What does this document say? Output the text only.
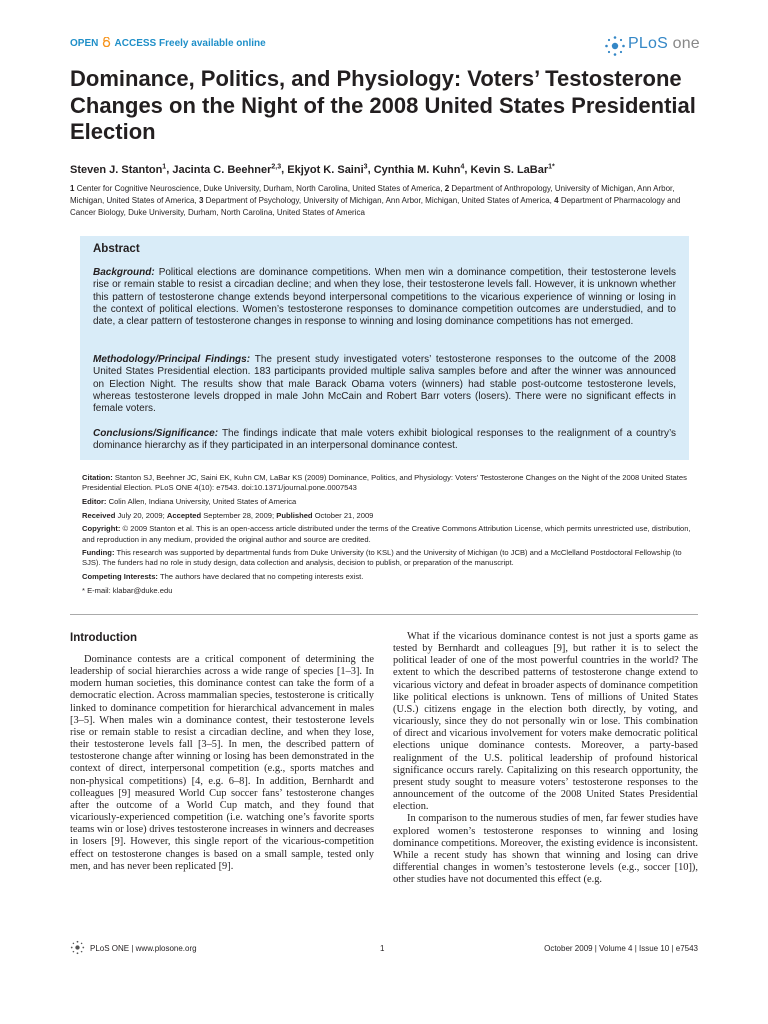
OPEN ACCESS Freely available online	PLoS one
Dominance, Politics, and Physiology: Voters’ Testosterone Changes on the Night of the 2008 United States Presidential Election
Steven J. Stanton$^1$, Jacinta C. Beehner$^{2,3}$, Ekjyot K. Saini$^3$, Cynthia M. Kuhn$^4$, Kevin S. LaBar$^{1*}$
1 Center for Cognitive Neuroscience, Duke University, Durham, North Carolina, United States of America, 2 Department of Anthropology, University of Michigan, Ann Arbor, Michigan, United States of America, 3 Department of Psychology, University of Michigan, Ann Arbor, Michigan, United States of America, 4 Department of Pharmacology and Cancer Biology, Duke University, Durham, North Carolina, United States of America
Abstract
Background: Political elections are dominance competitions. When men win a dominance competition, their testosterone levels rise or remain stable to resist a circadian decline; and when they lose, their testosterone levels fall. However, it is unknown whether this pattern of testosterone change extends beyond interpersonal competitions to the vicarious experience of winning or losing in the context of political elections. Women’s testosterone responses to dominance competition outcomes are understudied, and to date, a clear pattern of testosterone changes in response to winning and losing dominance competitions has not emerged.
Methodology/Principal Findings: The present study investigated voters’ testosterone responses to the outcome of the 2008 United States Presidential election. 183 participants provided multiple saliva samples before and after the winner was announced on Election Night. The results show that male Barack Obama voters (winners) had stable post-outcome testosterone levels, whereas testosterone levels dropped in male John McCain and Robert Barr voters (losers). There were no significant effects in female voters.
Conclusions/Significance: The findings indicate that male voters exhibit biological responses to the realignment of a country’s dominance hierarchy as if they participated in an interpersonal dominance contest.

Citation: Stanton SJ, Beehner JC, Saini EK, Kuhn CM, LaBar KS (2009) Dominance, Politics, and Physiology: Voters’ Testosterone Changes on the Night of the 2008 United States Presidential Election. PLoS ONE 4(10): e7543. doi:10.1371/journal.pone.0007543

Editor: Colin Allen, Indiana University, United States of America

Received July 20, 2009; Accepted September 28, 2009; Published October 21, 2009

Copyright: © 2009 Stanton et al. This is an open-access article distributed under the terms of the Creative Commons Attribution License, which permits unrestricted use, distribution, and reproduction in any medium, provided the original author and source are credited.

Funding: This research was supported by departmental funds from Duke University (to KSL) and the University of Michigan (to JCB) and a McClelland Postdoctoral Fellowship (to SJS). The funders had no role in study design, data collection and analysis, decision to publish, or preparation of the manuscript.

Competing Interests: The authors have declared that no competing interests exist.

* E-mail: klabar@duke.edu

Introduction

Dominance contests are a critical component of determining the leadership of social hierarchies across a wide range of species [1–3]. In modern human societies, this dominance contest can take the form of a democratic election. Across mammalian species, testosterone is critically linked to dominance competition for hierarchical advancement in males [3–5]. When males win a dominance contest, their testosterone levels rise or remain stable to resist a circadian decline, and when they lose, their testosterone levels fall [3–5]. In men, the described pattern of testosterone change after winning or losing has been demonstrated in the context of direct, interpersonal competition (e.g., sports matches and non-physical competitions) [4, e.g. 6–8]. In addition, Bernhardt and colleagues [9] measured World Cup soccer fans’ testosterone changes after the outcome of a World Cup match, and they found that vicariously-experienced competition (i.e. watching one’s favorite sports teams win or lose) drives testosterone increases in winners and decreases in losers [9]. However, this single report of the vicarious-competition effect on testosterone changes is based on a small sample, tested only men, and has never been replicated [9].

What if the vicarious dominance contest is not just a sports game as tested by Bernhardt and colleagues [9], but rather it is to select the political leader of one of the most powerful countries in the world? The extent to which the described patterns of testosterone change extend to vicarious victory and defeat in broader aspects of dominance competition like political elections is unknown. Tens of millions of United States (U.S.) citizens engage in the election both directly, by voting, and vicariously, since they do not personally win or lose. This combination of direct and vicarious involvement for voters make democratic political elections unique dominance contests. Moreover, a party-based realignment of the U.S. political leadership of profound historical significance occurs rarely. Capitalizing on this research opportunity, the present study sought to measure voters’ testosterone responses to the announcement of the outcome of the 2008 United States Presidential election.

In comparison to the numerous studies of men, far fewer studies have explored women’s testosterone responses to winning and losing dominance competitions. Moreover, the existing evidence is inconsistent. While a recent study has shown that winning and losing can drive differential changes in women’s testosterone levels (e.g., soccer [10]), other studies have not documented this effect (e.g.

PLoS ONE | www.plosone.org	1	October 2009 | Volume 4 | Issue 10 | e7543
